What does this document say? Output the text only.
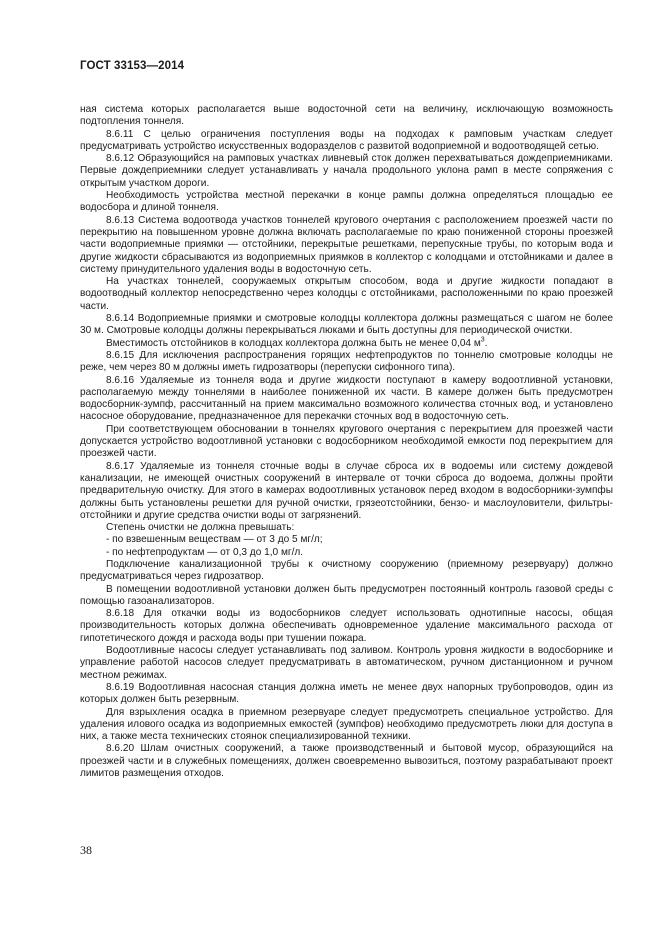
ГОСТ 33153—2014

ная система которых располагается выше водосточной сети на величину, исключающую возможность подтопления тоннеля.

8.6.11 С целью ограничения поступления воды на подходах к рамповым участкам следует предусматривать устройство искусственных водоразделов с развитой водоприемной и водоотводящей сетью.

8.6.12 Образующийся на рамповых участках ливневый сток должен перехватываться дождеприемниками. Первые дождеприемники следует устанавливать у начала продольного уклона рамп в месте сопряжения с открытым участком дороги.

Необходимость устройства местной перекачки в конце рампы должна определяться площадью ее водосбора и длиной тоннеля.

8.6.13 Система водоотвода участков тоннелей кругового очертания с расположением проезжей части по перекрытию на повышенном уровне должна включать располагаемые по краю пониженной стороны проезжей части водоприемные приямки — отстойники, перекрытые решетками, перепускные трубы, по которым вода и другие жидкости сбрасываются из водоприемных приямков в коллектор с колодцами и отстойниками и далее в систему принудительного удаления воды в водосточную сеть.

На участках тоннелей, сооружаемых открытым способом, вода и другие жидкости попадают в водоотводный коллектор непосредственно через колодцы с отстойниками, расположенными по краю проезжей части.

8.6.14 Водоприемные приямки и смотровые колодцы коллектора должны размещаться с шагом не более 30 м. Смотровые колодцы должны перекрываться люками и быть доступны для периодической очистки.

Вместимость отстойников в колодцах коллектора должна быть не менее 0,04 $м^3$.

8.6.15 Для исключения распространения горящих нефтепродуктов по тоннелю смотровые колодцы не реже, чем через 80 м должны иметь гидрозатворы (перепуски сифонного типа).

8.6.16 Удаляемые из тоннеля вода и другие жидкости поступают в камеру водоотливной установки, располагаемую между тоннелями в наиболее пониженной их части. В камере должен быть предусмотрен водосборник-зумпф, рассчитанный на прием максимально возможного количества сточных вод, и установлено насосное оборудование, предназначенное для перекачки сточных вод в водосточную сеть.

При соответствующем обосновании в тоннелях кругового очертания с перекрытием для проезжей части допускается устройство водоотливной установки с водосборником необходимой емкости под перекрытием для проезжей части.

8.6.17 Удаляемые из тоннеля сточные воды в случае сброса их в водоемы или систему дождевой канализации, не имеющей очистных сооружений в интервале от точки сброса до водоема, должны пройти предварительную очистку. Для этого в камерах водоотливных установок перед входом в водосборники-зумпфы должны быть установлены решетки для ручной очистки, грязеотстойники, бензо- и маслоуловители, фильтры-отстойники и другие средства очистки воды от загрязнений.

Степень очистки не должна превышать:

- по взвешенным веществам — от 3 до 5 мг/л;

- по нефтепродуктам — от 0,3 до 1,0 мг/л.

Подключение канализационной трубы к очистному сооружению (приемному резервуару) должно предусматриваться через гидрозатвор.

В помещении водоотливной установки должен быть предусмотрен постоянный контроль газовой среды с помощью газоанализаторов.

8.6.18 Для откачки воды из водосборников следует использовать однотипные насосы, общая производительность которых должна обеспечивать одновременное удаление максимального расхода от гипотетического дождя и расхода воды при тушении пожара.

Водоотливные насосы следует устанавливать под заливом. Контроль уровня жидкости в водосборнике и управление работой насосов следует предусматривать в автоматическом, ручном дистанционном и ручном местном режимах.

8.6.19 Водоотливная насосная станция должна иметь не менее двух напорных трубопроводов, один из которых должен быть резервным.

Для взрыхления осадка в приемном резервуаре следует предусмотреть специальное устройство. Для удаления илового осадка из водоприемных емкостей (зумпфов) необходимо предусмотреть люки для доступа в них, а также места технических стоянок специализированной техники.

8.6.20 Шлам очистных сооружений, а также производственный и бытовой мусор, образующийся на проезжей части и в служебных помещениях, должен своевременно вывозиться, поэтому разрабатывают проект лимитов размещения отходов.

38
